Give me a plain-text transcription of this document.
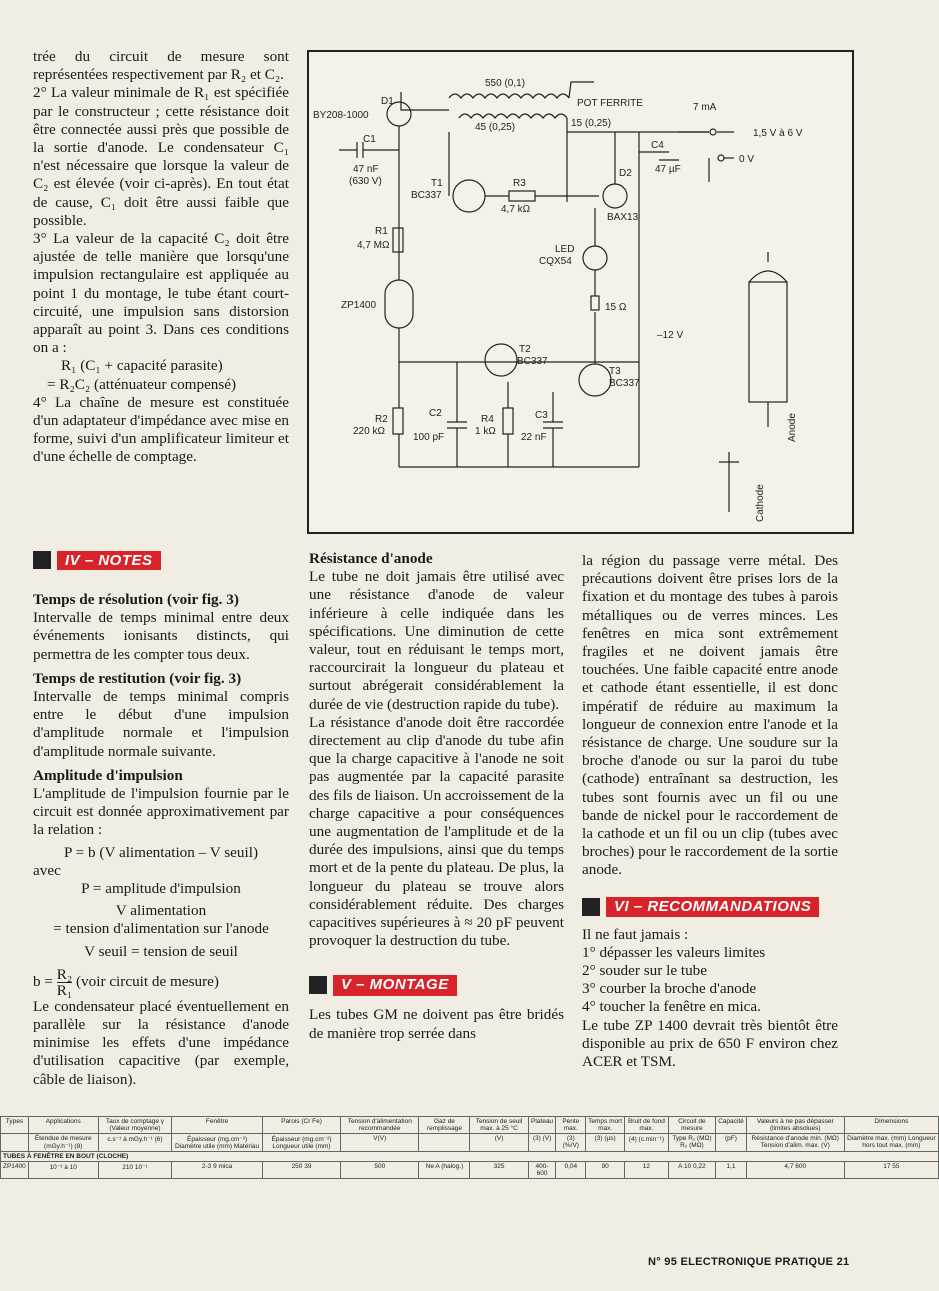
trée du circuit de mesure sont représentées respectivement par R₂ et C₂.

2° La valeur minimale de R₁ est spécifiée par le constructeur ; cette résistance doit être connectée aussi près que possible de la sortie d'anode. Le condensateur C₁ n'est nécessaire que lorsque la valeur de C₂ est élevée (voir ci-après). En tout état de cause, C₁ doit être aussi faible que possible.

3° La valeur de la capacité C₂ doit être ajustée de telle manière que lorsqu'une impulsion rectangulaire est appliquée au point 1 du montage, le tube étant court-circuité, une impulsion sans distorsion apparaît au point 3. Dans ces conditions on a :

R₁ (C₁ + capacité parasite)

= R₂C₂ (atténuateur compensé)

4° La chaîne de mesure est constituée d'un adaptateur d'impédance avec mise en forme, suivi d'un amplificateur limiteur et d'une échelle de comptage.

IV – NOTES

Temps de résolution (voir fig. 3)

Intervalle de temps minimal entre deux événements ionisants distincts, qui permettra de les compter tous deux.

Temps de restitution (voir fig. 3)

Intervalle de temps minimal compris entre le début d'une impulsion d'amplitude normale et l'impulsion d'amplitude normale suivante.

Amplitude d'impulsion

L'amplitude de l'impulsion fournie par le circuit est donnée approximativement par la relation :

P = b (V alimentation – V seuil)

avec

P = amplitude d'impulsion

V alimentation

= tension d'alimentation sur l'anode

V seuil = tension de seuil

$b = \frac{\text{R₂}}{\text{R₁}}$ (voir circuit de mesure)

Le condensateur placé éventuellement en parallèle sur la résistance d'anode minimise les effets d'une impédance d'utilisation capacitive (par exemple, câble de liaison).

D1
BY208-1000
C1
47 nF
(630 V)
R1
4,7 MΩ
ZP1400
R2
220 kΩ
C2
100 pF
R4
1 kΩ
C3
22 nF
T1
BC337
R3
4,7 kΩ
T2
BC337
T3
BC337
LED
CQX54
D2
BAX13
550 (0,1)
45 (0,25)	15 (0,25)
POT FERRITE
C4
47 µF
7 mA
1,5 V à 6 V
0 V
15 Ω
–12 V
Anode
Cathode

Résistance d'anode

Le tube ne doit jamais être utilisé avec une résistance d'anode de valeur inférieure à celle indiquée dans les spécifications. Une diminution de cette valeur, tout en réduisant le temps mort, raccourcirait la longueur du plateau et surtout abrégerait considérablement la durée de vie (destruction rapide du tube).

La résistance d'anode doit être raccordée directement au clip d'anode du tube afin que la charge capacitive à l'anode ne soit pas augmentée par la capacité parasite des fils de liaison. Un accroissement de la charge capacitive a pour conséquences une augmentation de l'amplitude et de la durée des impulsions, ainsi que du temps mort et de la pente du plateau. De plus, la longueur du plateau se trouve alors considérablement réduite. Des charges capacitives supérieures à ≈ 20 pF peuvent provoquer la destruction du tube.

V – MONTAGE

Les tubes GM ne doivent pas être bridés de manière trop serrée dans

la région du passage verre métal. Des précautions doivent être prises lors de la fixation et du montage des tubes à parois métalliques ou de verres minces. Les fenêtres en mica sont extrêmement fragiles et ne doivent jamais être touchées. Une faible capacité entre anode et cathode étant essentielle, il est donc impératif de réduire au maximum la longueur de connexion entre l'anode et la résistance de charge. Une soudure sur la broche d'anode ou sur la paroi du tube (cathode) entraînant sa destruction, les tubes sont fournis avec un fil ou une bande de nickel pour le raccordement de la cathode et un fil ou un clip (tubes avec broches) pour le raccordement de la sortie anode.

VI – RECOMMANDATIONS

Il ne faut jamais :

1° dépasser les valeurs limites

2° souder sur le tube

3° courber la broche d'anode

4° toucher la fenêtre en mica.

Le tube ZP 1400 devrait très bientôt être disponible au prix de 650 F environ chez ACER et TSM.

Types	Applications	Taux de comptage γ (Valeur moyenne)	Fenêtre	Parois (Cr Fe)	Tension d'alimentation recommandée	Gaz de remplissage	Tension de seuil max. à 25 °C	Plateau	Pente max.	Temps mort max.	Bruit de fond max.	Circuit de mesure	Capacité	Valeurs à ne pas dépasser (limites absolues)	Dimensions
	Étendue de mesure (mGy.h⁻¹) (8)	c.s⁻¹ à mGy.h⁻¹ (6)	Épaisseur (mg.cm⁻²) Diamètre utile (mm) Matériau	Épaisseur (mg.cm⁻²) Longueur utile (mm)	V(V)		(V)	(3) (V)	(3) (%/V)	(3) (µs)	(4) (c.min⁻¹)	Type R₁ (MΩ) R₂ (MΩ)	(pF)	Résistance d'anode min. (MΩ) Tension d'alim. max. (V)	Diamètre max. (mm) Longueur hors tout max. (mm)
TUBES À FENÊTRE EN BOUT (CLOCHE)															
ZP1400	10⁻³ à 10	210 10⁻¹	2-3 9 mica	250 39	500	Ne A (halog.)	325	400-600	0,04	90	12	A 10 0,22	1,1	4,7 600	17 55
N° 95 ELECTRONIQUE PRATIQUE 21
